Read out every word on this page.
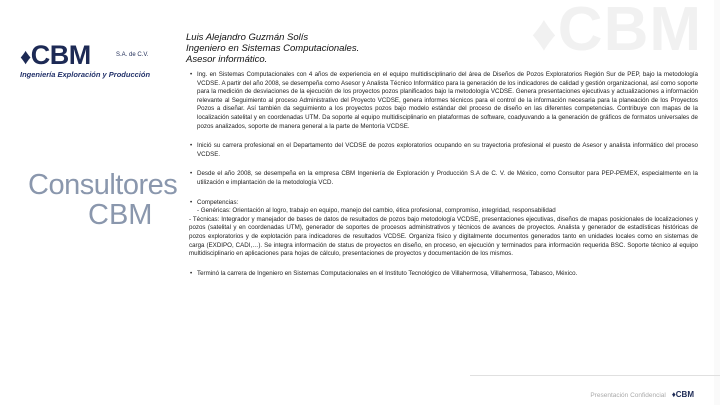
♦CBM
♦CBM	S.A. de C.V.
Ingeniería Exploración y Producción
Consultores
CBM
Luis Alejandro Guzmán Solís
Ingeniero en Sistemas Computacionales.
Asesor informático.
• Ing. en Sistemas Computacionales con 4 años de experiencia en el equipo multidisciplinario del área de Diseños de Pozos Exploratorios Región Sur de PEP, bajo la metodología VCDSE. A partir del año 2008, se desempeña como Asesor y Analista Técnico Informático para la generación de los indicadores de calidad y gestión organizacional, así como soporte para la medición de desviaciones de la ejecución de los proyectos pozos planificados bajo la metodología VCDSE. Genera presentaciones ejecutivas y actualizaciones a información relevante al Seguimiento al proceso Administrativo del Proyecto VCDSE, genera informes técnicos para el control de la información necesaria para la planeación de los Proyectos Pozos a diseñar. Así también da seguimiento a los proyectos pozos bajo modelo estándar del proceso de diseño en las diferentes competencias. Contribuye con mapas de la localización satelital y en coordenadas UTM. Da soporte al equipo multidisciplinario en plataformas de software, coadyuvando a la generación de gráficos de formatos universales de pozos analizados, soporte de manera general a la parte de Mentoría VCDSE.

• Inició su carrera profesional en el Departamento del VCDSE de pozos exploratorios ocupando en su trayectoria profesional el puesto de Asesor y analista informático del proceso VCDSE.

• Desde el año 2008, se desempeña en la empresa CBM Ingeniería de Exploración y Producción S.A de C. V. de México, como Consultor para PEP-PEMEX, especialmente en la utilización e implantación de la metodología VCD.

• Competencias:

- Genéricas: Orientación al logro, trabajo en equipo, manejo del cambio, ética profesional, compromiso, integridad, responsabilidad

- Técnicas: Integrador y manejador de bases de datos de resultados de pozos bajo metodología VCDSE, presentaciones ejecutivas, diseños de mapas posicionales de localizaciones y pozos (satelital y en coordenadas UTM), generador de soportes de procesos administrativos y técnicos de avances de proyectos. Analista y generador de estadísticas históricas de pozos exploratorios y de explotación para indicadores de resultados VCDSE. Organiza físico y digitalmente documentos generados tanto en unidades locales como en sistemas de carga (EXDIPO, CADI,…). Se integra información de status de proyectos en diseño, en proceso, en ejecución y terminados para información requerida BSC. Soporte técnico al equipo multidisciplinario en aplicaciones para hojas de cálculo, presentaciones de proyectos y documentación de los mismos.

• Terminó la carrera de Ingeniero en Sistemas Computacionales en el Instituto Tecnológico de Villahermosa, Villahermosa, Tabasco, México.

Presentación Confidencial ♦CBM
